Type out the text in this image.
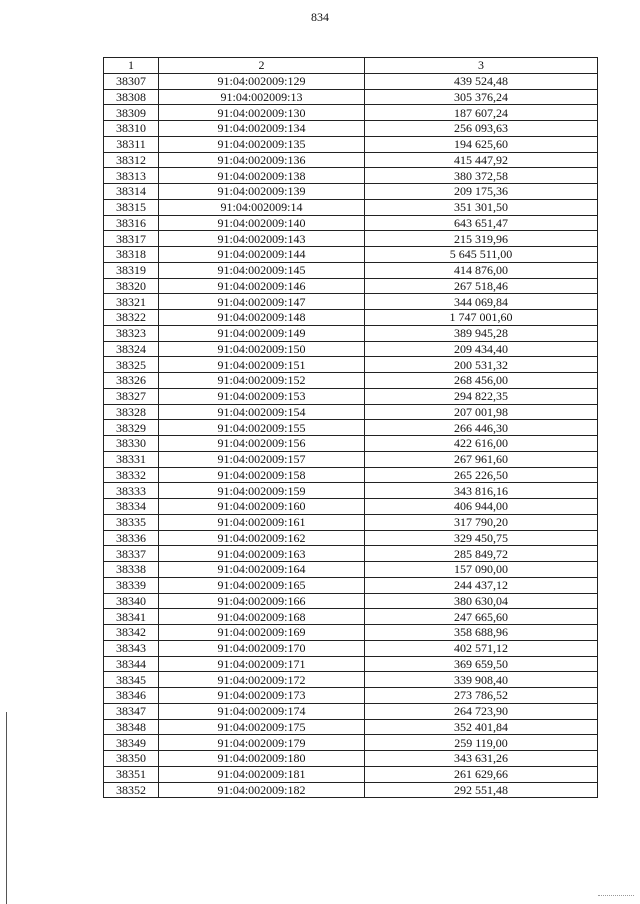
834
1	2	3
38307	91:04:002009:129	439 524,48
38308	91:04:002009:13	305 376,24
38309	91:04:002009:130	187 607,24
38310	91:04:002009:134	256 093,63
38311	91:04:002009:135	194 625,60
38312	91:04:002009:136	415 447,92
38313	91:04:002009:138	380 372,58
38314	91:04:002009:139	209 175,36
38315	91:04:002009:14	351 301,50
38316	91:04:002009:140	643 651,47
38317	91:04:002009:143	215 319,96
38318	91:04:002009:144	5 645 511,00
38319	91:04:002009:145	414 876,00
38320	91:04:002009:146	267 518,46
38321	91:04:002009:147	344 069,84
38322	91:04:002009:148	1 747 001,60
38323	91:04:002009:149	389 945,28
38324	91:04:002009:150	209 434,40
38325	91:04:002009:151	200 531,32
38326	91:04:002009:152	268 456,00
38327	91:04:002009:153	294 822,35
38328	91:04:002009:154	207 001,98
38329	91:04:002009:155	266 446,30
38330	91:04:002009:156	422 616,00
38331	91:04:002009:157	267 961,60
38332	91:04:002009:158	265 226,50
38333	91:04:002009:159	343 816,16
38334	91:04:002009:160	406 944,00
38335	91:04:002009:161	317 790,20
38336	91:04:002009:162	329 450,75
38337	91:04:002009:163	285 849,72
38338	91:04:002009:164	157 090,00
38339	91:04:002009:165	244 437,12
38340	91:04:002009:166	380 630,04
38341	91:04:002009:168	247 665,60
38342	91:04:002009:169	358 688,96
38343	91:04:002009:170	402 571,12
38344	91:04:002009:171	369 659,50
38345	91:04:002009:172	339 908,40
38346	91:04:002009:173	273 786,52
38347	91:04:002009:174	264 723,90
38348	91:04:002009:175	352 401,84
38349	91:04:002009:179	259 119,00
38350	91:04:002009:180	343 631,26
38351	91:04:002009:181	261 629,66
38352	91:04:002009:182	292 551,48
